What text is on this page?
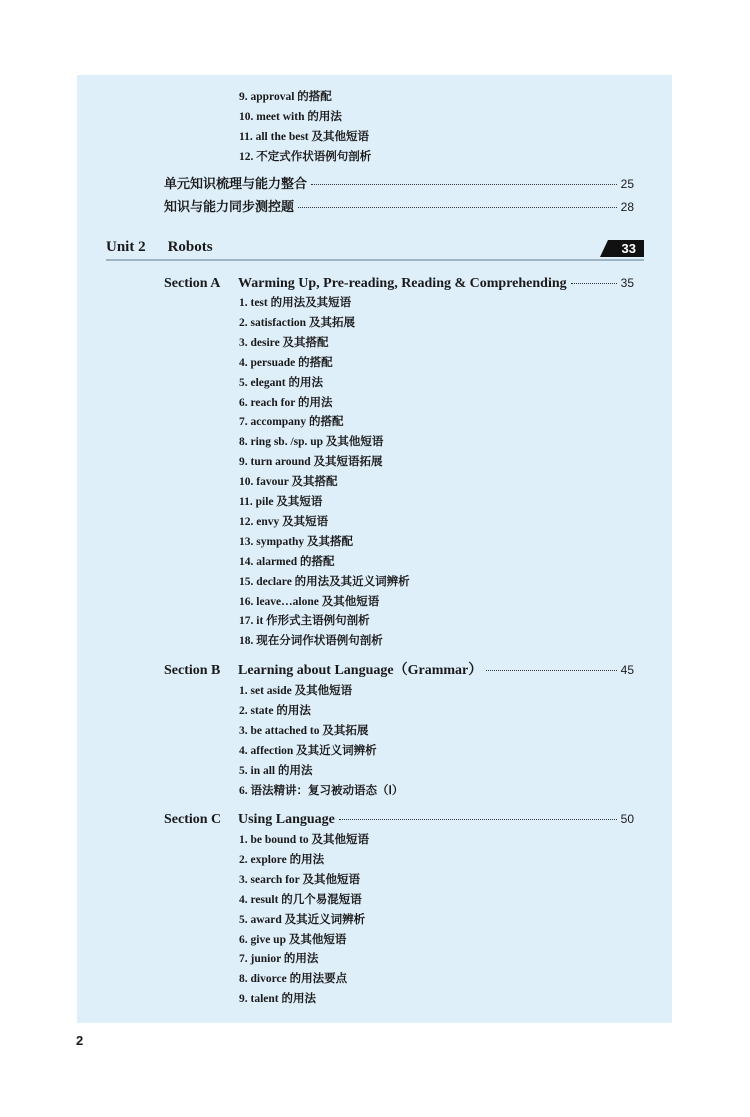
9. approval 的搭配
10. meet with 的用法
11. all the best 及其他短语
12. 不定式作状语例句剖析
单元知识梳理与能力整合	25
知识与能力同步测控题	28
Unit 2 Robots	33
Section A	Warming Up, Pre-reading, Reading & Comprehending	35
1. test 的用法及其短语
2. satisfaction 及其拓展
3. desire 及其搭配
4. persuade 的搭配
5. elegant 的用法
6. reach for 的用法
7. accompany 的搭配
8. ring sb. /sp. up 及其他短语
9. turn around 及其短语拓展
10. favour 及其搭配
11. pile 及其短语
12. envy 及其短语
13. sympathy 及其搭配
14. alarmed 的搭配
15. declare 的用法及其近义词辨析
16. leave…alone 及其他短语
17. it 作形式主语例句剖析
18. 现在分词作状语例句剖析
Section B	Learning about Language（Grammar）	45
1. set aside 及其他短语
2. state 的用法
3. be attached to 及其拓展
4. affection 及其近义词辨析
5. in all 的用法
6. 语法精讲：复习被动语态（Ⅰ）
Section C	Using Language	50
1. be bound to 及其他短语
2. explore 的用法
3. search for 及其他短语
4. result 的几个易混短语
5. award 及其近义词辨析
6. give up 及其他短语
7. junior 的用法
8. divorce 的用法要点
9. talent 的用法
2
